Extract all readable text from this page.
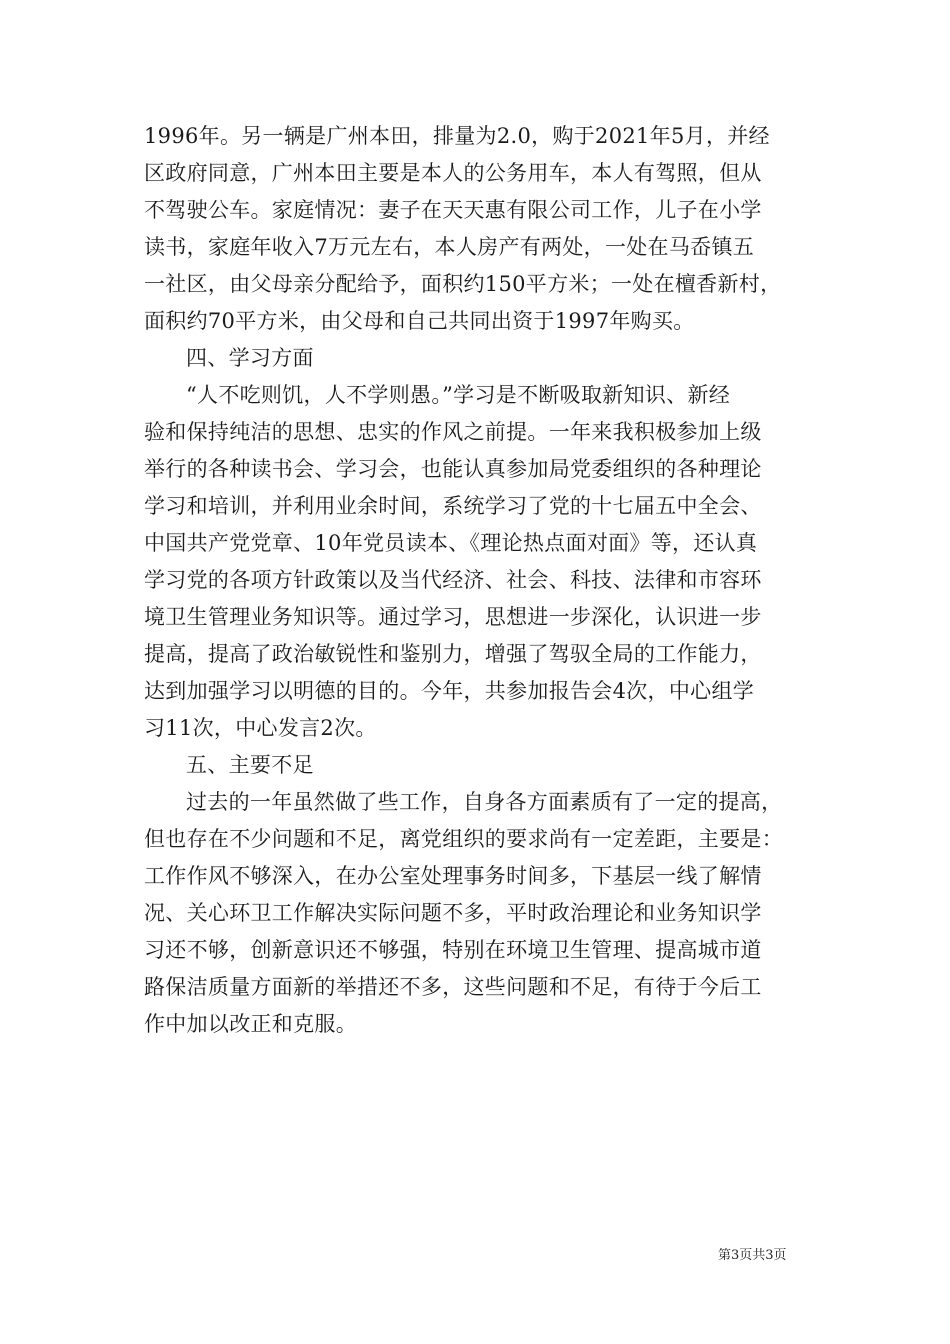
1996年。另一辆是广州本田，排量为2.0，购于2021年5月，并经
区政府同意，广州本田主要是本人的公务用车，本人有驾照，但从
不驾驶公车。家庭情况：妻子在天天惠有限公司工作，儿子在小学
读书，家庭年收入7万元左右，本人房产有两处，一处在马岙镇五
一社区，由父母亲分配给予，面积约150平方米；一处在檀香新村，
面积约70平方米，由父母和自己共同出资于1997年购买。
四、学习方面
“人不吃则饥，人不学则愚。”学习是不断吸取新知识、新经
验和保持纯洁的思想、忠实的作风之前提。一年来我积极参加上级
举行的各种读书会、学习会，也能认真参加局党委组织的各种理论
学习和培训，并利用业余时间，系统学习了党的十七届五中全会、
中国共产党党章、10年党员读本、《理论热点面对面》等，还认真
学习党的各项方针政策以及当代经济、社会、科技、法律和市容环
境卫生管理业务知识等。通过学习，思想进一步深化，认识进一步
提高，提高了政治敏锐性和鉴别力，增强了驾驭全局的工作能力，
达到加强学习以明德的目的。今年，共参加报告会4次，中心组学
习11次，中心发言2次。
五、主要不足
过去的一年虽然做了些工作，自身各方面素质有了一定的提高，
但也存在不少问题和不足，离党组织的要求尚有一定差距，主要是：
工作作风不够深入，在办公室处理事务时间多，下基层一线了解情
况、关心环卫工作解决实际问题不多，平时政治理论和业务知识学
习还不够，创新意识还不够强，特别在环境卫生管理、提高城市道
路保洁质量方面新的举措还不多，这些问题和不足，有待于今后工
作中加以改正和克服。
第3页共3页
